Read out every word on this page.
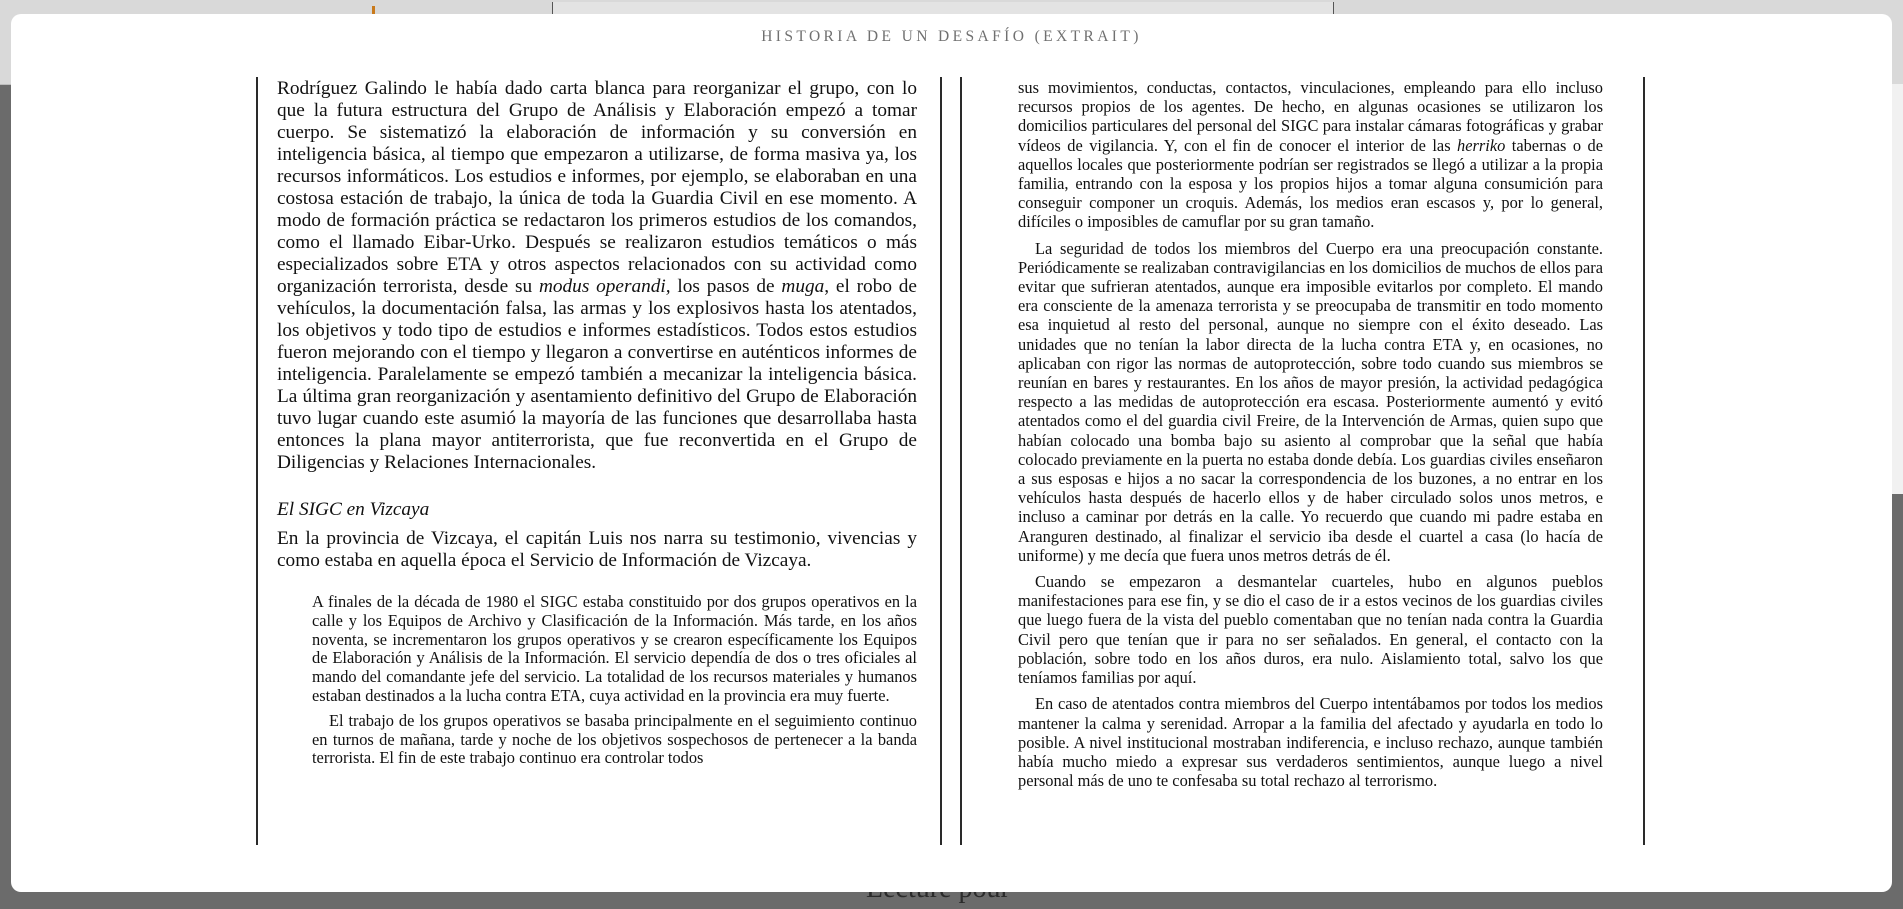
HISTORIA DE UN DESAFÍO (EXTRAIT)

Rodríguez Galindo le había dado carta blanca para reorganizar el grupo, con lo que la futura estructura del Grupo de Análisis y Elaboración empezó a tomar cuerpo. Se sistematizó la elaboración de información y su conversión en inteligencia básica, al tiempo que empezaron a utilizarse, de forma masiva ya, los recursos informáticos. Los estudios e informes, por ejemplo, se elaboraban en una costosa estación de trabajo, la única de toda la Guardia Civil en ese momento. A modo de formación práctica se redactaron los primeros estudios de los comandos, como el llamado Eibar-Urko. Después se realizaron estudios temáticos o más especializados sobre ETA y otros aspectos relacionados con su actividad como organización terrorista, desde su modus operandi, los pasos de muga, el robo de vehículos, la documentación falsa, las armas y los explosivos hasta los atentados, los objetivos y todo tipo de estudios e informes estadísticos. Todos estos estudios fueron mejorando con el tiempo y llegaron a convertirse en auténticos informes de inteligencia. Paralelamente se empezó también a mecanizar la inteligencia básica. La última gran reorganización y asentamiento definitivo del Grupo de Elaboración tuvo lugar cuando este asumió la mayoría de las funciones que desarrollaba hasta entonces la plana mayor antiterrorista, que fue reconvertida en el Grupo de Diligencias y Relaciones Internacionales.

El SIGC en Vizcaya

En la provincia de Vizcaya, el capitán Luis nos narra su testimonio, vivencias y como estaba en aquella época el Servicio de Información de Vizcaya.

A finales de la década de 1980 el SIGC estaba constituido por dos grupos operativos en la calle y los Equipos de Archivo y Clasificación de la Información. Más tarde, en los años noventa, se incrementaron los grupos operativos y se crearon específicamente los Equipos de Elaboración y Análisis de la Información. El servicio dependía de dos o tres oficiales al mando del comandante jefe del servicio. La totalidad de los recursos materiales y humanos estaban destinados a la lucha contra ETA, cuya actividad en la provincia era muy fuerte.

El trabajo de los grupos operativos se basaba principalmente en el seguimiento continuo en turnos de mañana, tarde y noche de los objetivos sospechosos de pertenecer a la banda terrorista. El fin de este trabajo continuo era controlar todos

sus movimientos, conductas, contactos, vinculaciones, empleando para ello incluso recursos propios de los agentes. De hecho, en algunas ocasiones se utilizaron los domicilios particulares del personal del SIGC para instalar cámaras fotográficas y grabar vídeos de vigilancia. Y, con el fin de conocer el interior de las herriko tabernas o de aquellos locales que posteriormente podrían ser registrados se llegó a utilizar a la propia familia, entrando con la esposa y los propios hijos a tomar alguna consumición para conseguir componer un croquis. Además, los medios eran escasos y, por lo general, difíciles o imposibles de camuflar por su gran tamaño.

La seguridad de todos los miembros del Cuerpo era una preocupación constante. Periódicamente se realizaban contravigilancias en los domicilios de muchos de ellos para evitar que sufrieran atentados, aunque era imposible evitarlos por completo. El mando era consciente de la amenaza terrorista y se preocupaba de transmitir en todo momento esa inquietud al resto del personal, aunque no siempre con el éxito deseado. Las unidades que no tenían la labor directa de la lucha contra ETA y, en ocasiones, no aplicaban con rigor las normas de autoprotección, sobre todo cuando sus miembros se reunían en bares y restaurantes. En los años de mayor presión, la actividad pedagógica respecto a las medidas de autoprotección era escasa. Posteriormente aumentó y evitó atentados como el del guardia civil Freire, de la Intervención de Armas, quien supo que habían colocado una bomba bajo su asiento al comprobar que la señal que había colocado previamente en la puerta no estaba donde debía. Los guardias civiles enseñaron a sus esposas e hijos a no sacar la correspondencia de los buzones, a no entrar en los vehículos hasta después de hacerlo ellos y de haber circulado solos unos metros, e incluso a caminar por detrás en la calle. Yo recuerdo que cuando mi padre estaba en Aranguren destinado, al finalizar el servicio iba desde el cuartel a casa (lo hacía de uniforme) y me decía que fuera unos metros detrás de él.

Cuando se empezaron a desmantelar cuarteles, hubo en algunos pueblos manifestaciones para ese fin, y se dio el caso de ir a estos vecinos de los guardias civiles que luego fuera de la vista del pueblo comentaban que no tenían nada contra la Guardia Civil pero que tenían que ir para no ser señalados. En general, el contacto con la población, sobre todo en los años duros, era nulo. Aislamiento total, salvo los que teníamos familias por aquí.

En caso de atentados contra miembros del Cuerpo intentábamos por todos los medios mantener la calma y serenidad. Arropar a la familia del afectado y ayudarla en todo lo posible. A nivel institucional mostraban indiferencia, e incluso rechazo, aunque también había mucho miedo a expresar sus verdaderos sentimientos, aunque luego a nivel personal más de uno te confesaba su total rechazo al terrorismo.
